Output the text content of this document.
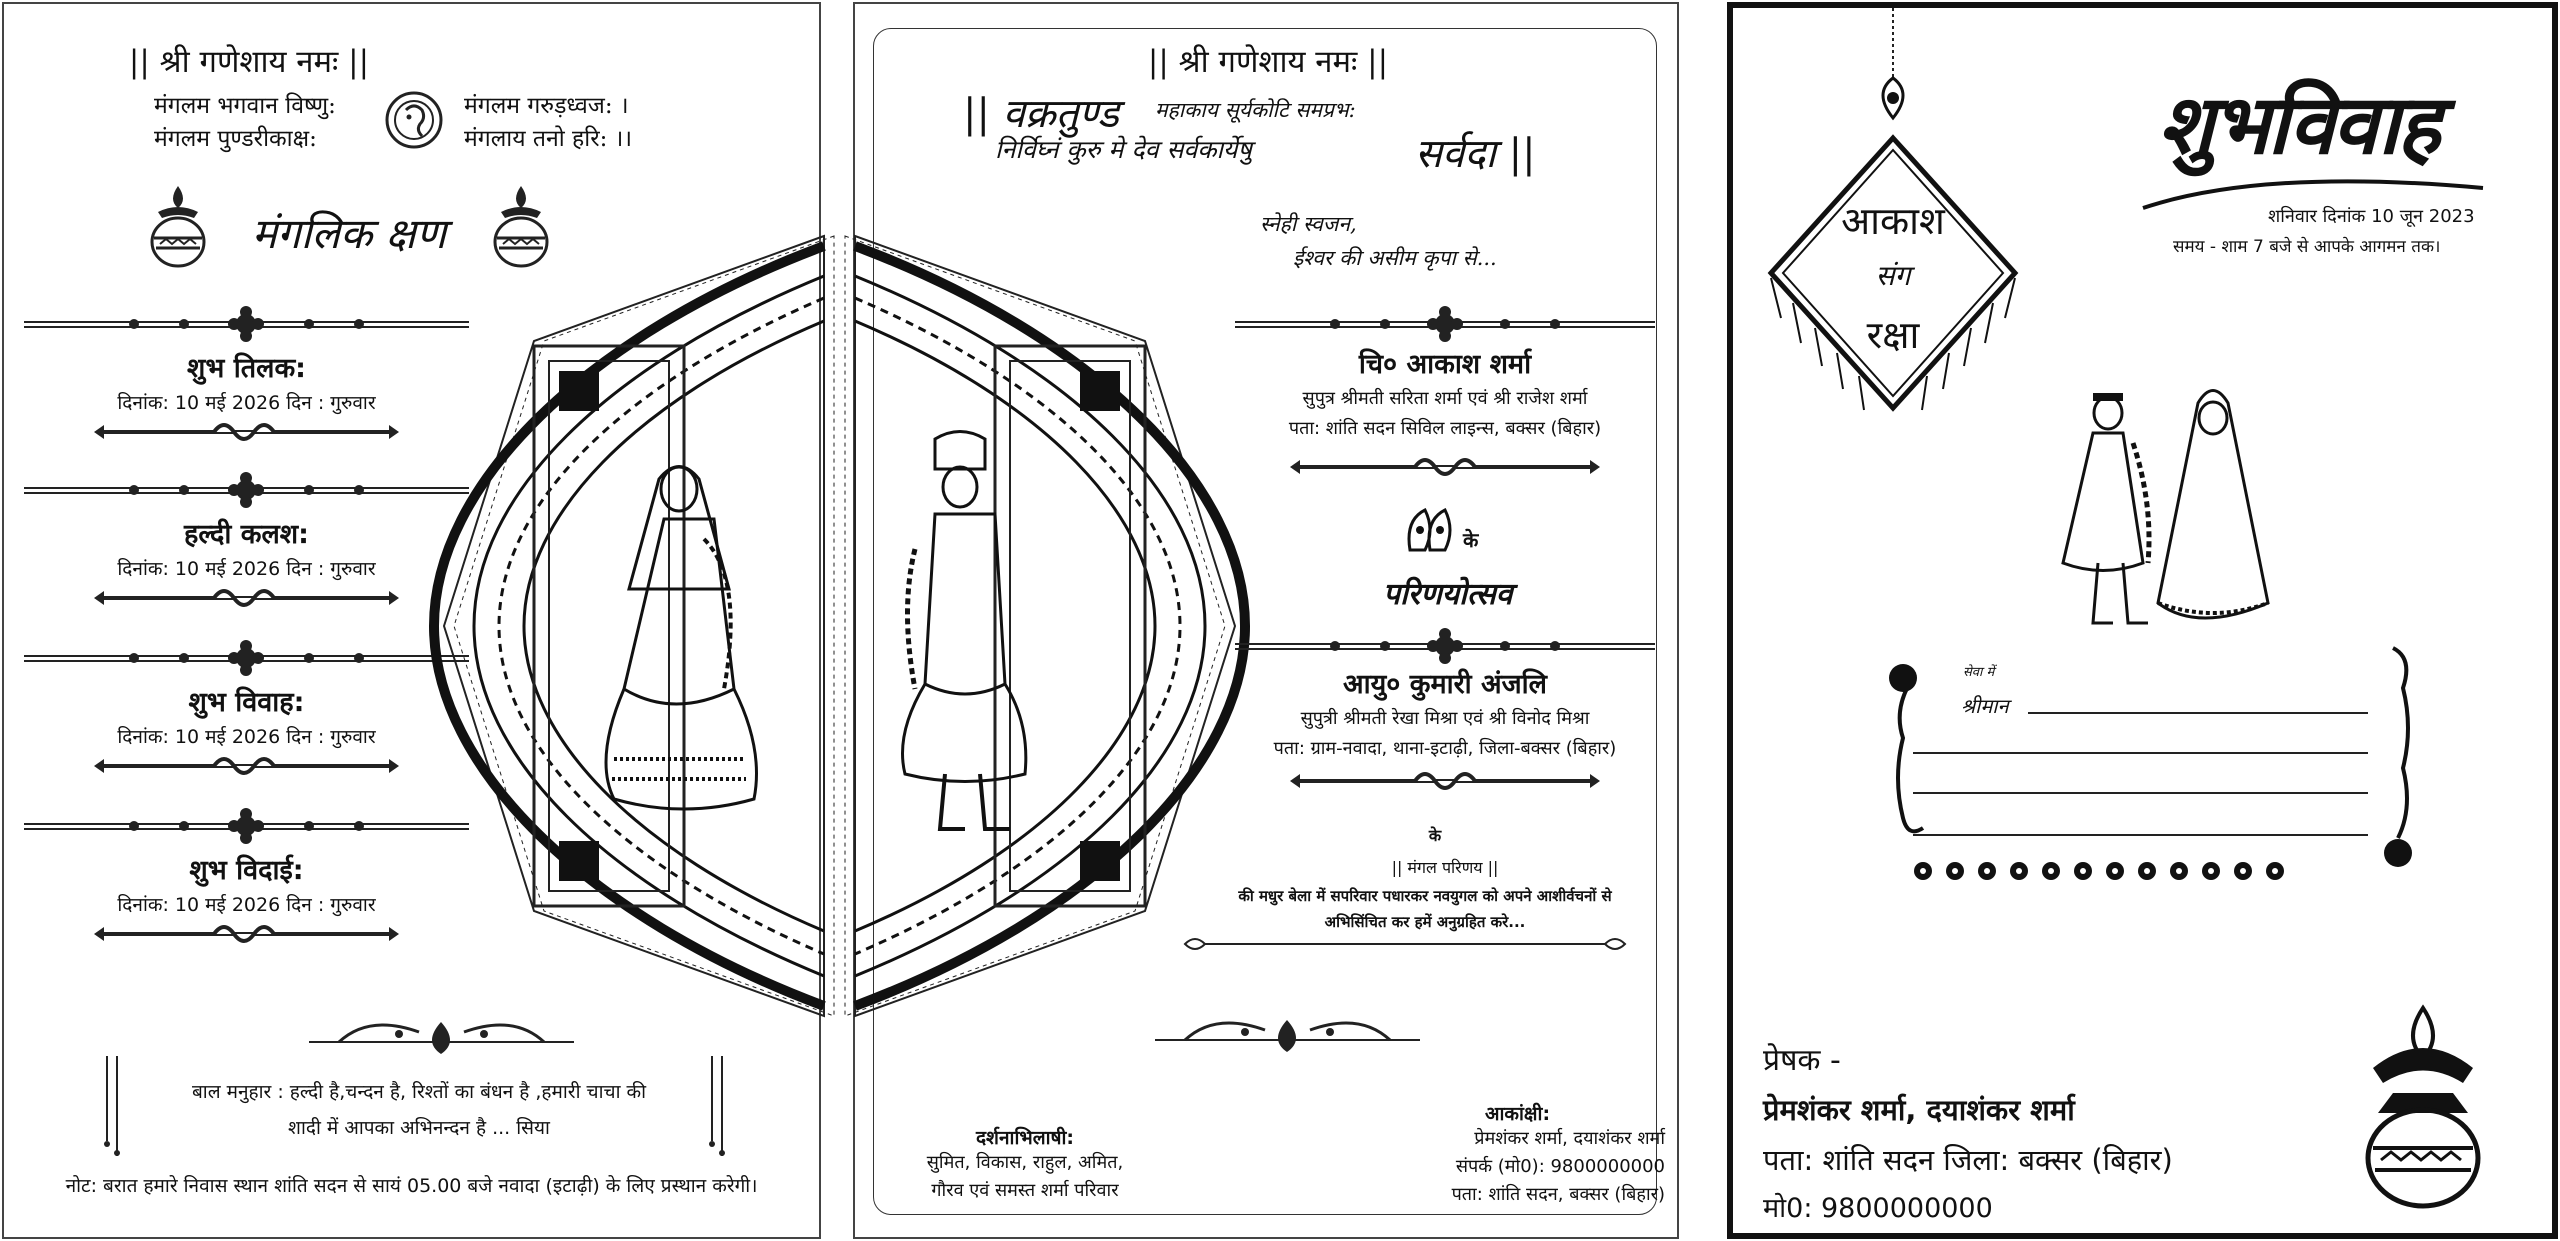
|| श्री गणेशाय नमः ||
मंगलम भगवान विष्णु:	मंगलम गरुड़ध्वज: ।
मंगलम पुण्डरीकाक्ष:	मंगलाय तनो हरि: ।।
मंगलिक क्षण
शुभ तिलक:
दिनांक: 10 मई 2026 दिन : गुरुवार
हल्दी कलश:
दिनांक: 10 मई 2026 दिन : गुरुवार
शुभ विवाह:
दिनांक: 10 मई 2026 दिन : गुरुवार
शुभ विदाई:
दिनांक: 10 मई 2026 दिन : गुरुवार
बाल मनुहार : हल्दी है,चन्दन है, रिश्तों का बंधन है ,हमारी चाचा की
शादी में आपका अभिनन्दन है ... सिया
नोट: बरात हमारे निवास स्थान शांति सदन से सायं 05.00 बजे नवादा (इटाढ़ी) के लिए प्रस्थान करेगी।
|| श्री गणेशाय नमः ||
|| वक्रतुण्ड महाकाय सूर्यकोटि समप्रभ:
निर्विघ्नं कुरु मे देव सर्वकार्येषु	सर्वदा ||
स्नेही स्वजन,
ईश्वर की असीम कृपा से...
चि० आकाश शर्मा
सुपुत्र श्रीमती सरिता शर्मा एवं श्री राजेश शर्मा
पता: शांति सदन सिविल लाइन्स, बक्सर (बिहार)
के
परिणयोत्सव
आयु० कुमारी अंजलि
सुपुत्री श्रीमती रेखा मिश्रा एवं श्री विनोद मिश्रा
पता: ग्राम-नवादा, थाना-इटाढ़ी, जिला-बक्सर (बिहार)
के
|| मंगल परिणय ||
की मधुर बेला में सपरिवार पधारकर नवयुगल को अपने आशीर्वचनों से
अभिसिंचित कर हमें अनुग्रहित करे...
दर्शनाभिलाषी:
सुमित, विकास, राहुल, अमित,
गौरव एवं समस्त शर्मा परिवार
आकांक्षी:
प्रेमशंकर शर्मा, दयाशंकर शर्मा
संपर्क (मो0): 9800000000
पता: शांति सदन, बक्सर (बिहार)
आकाश
संग
रक्षा
शुभविवाह
शनिवार दिनांक 10 जून 2023
समय - शाम 7 बजे से आपके आगमन तक।
सेवा में
श्रीमान
प्रेषक -
प्रेमशंकर शर्मा, दयाशंकर शर्मा
पता: शांति सदन जिला: बक्सर (बिहार)
मो0: 9800000000
